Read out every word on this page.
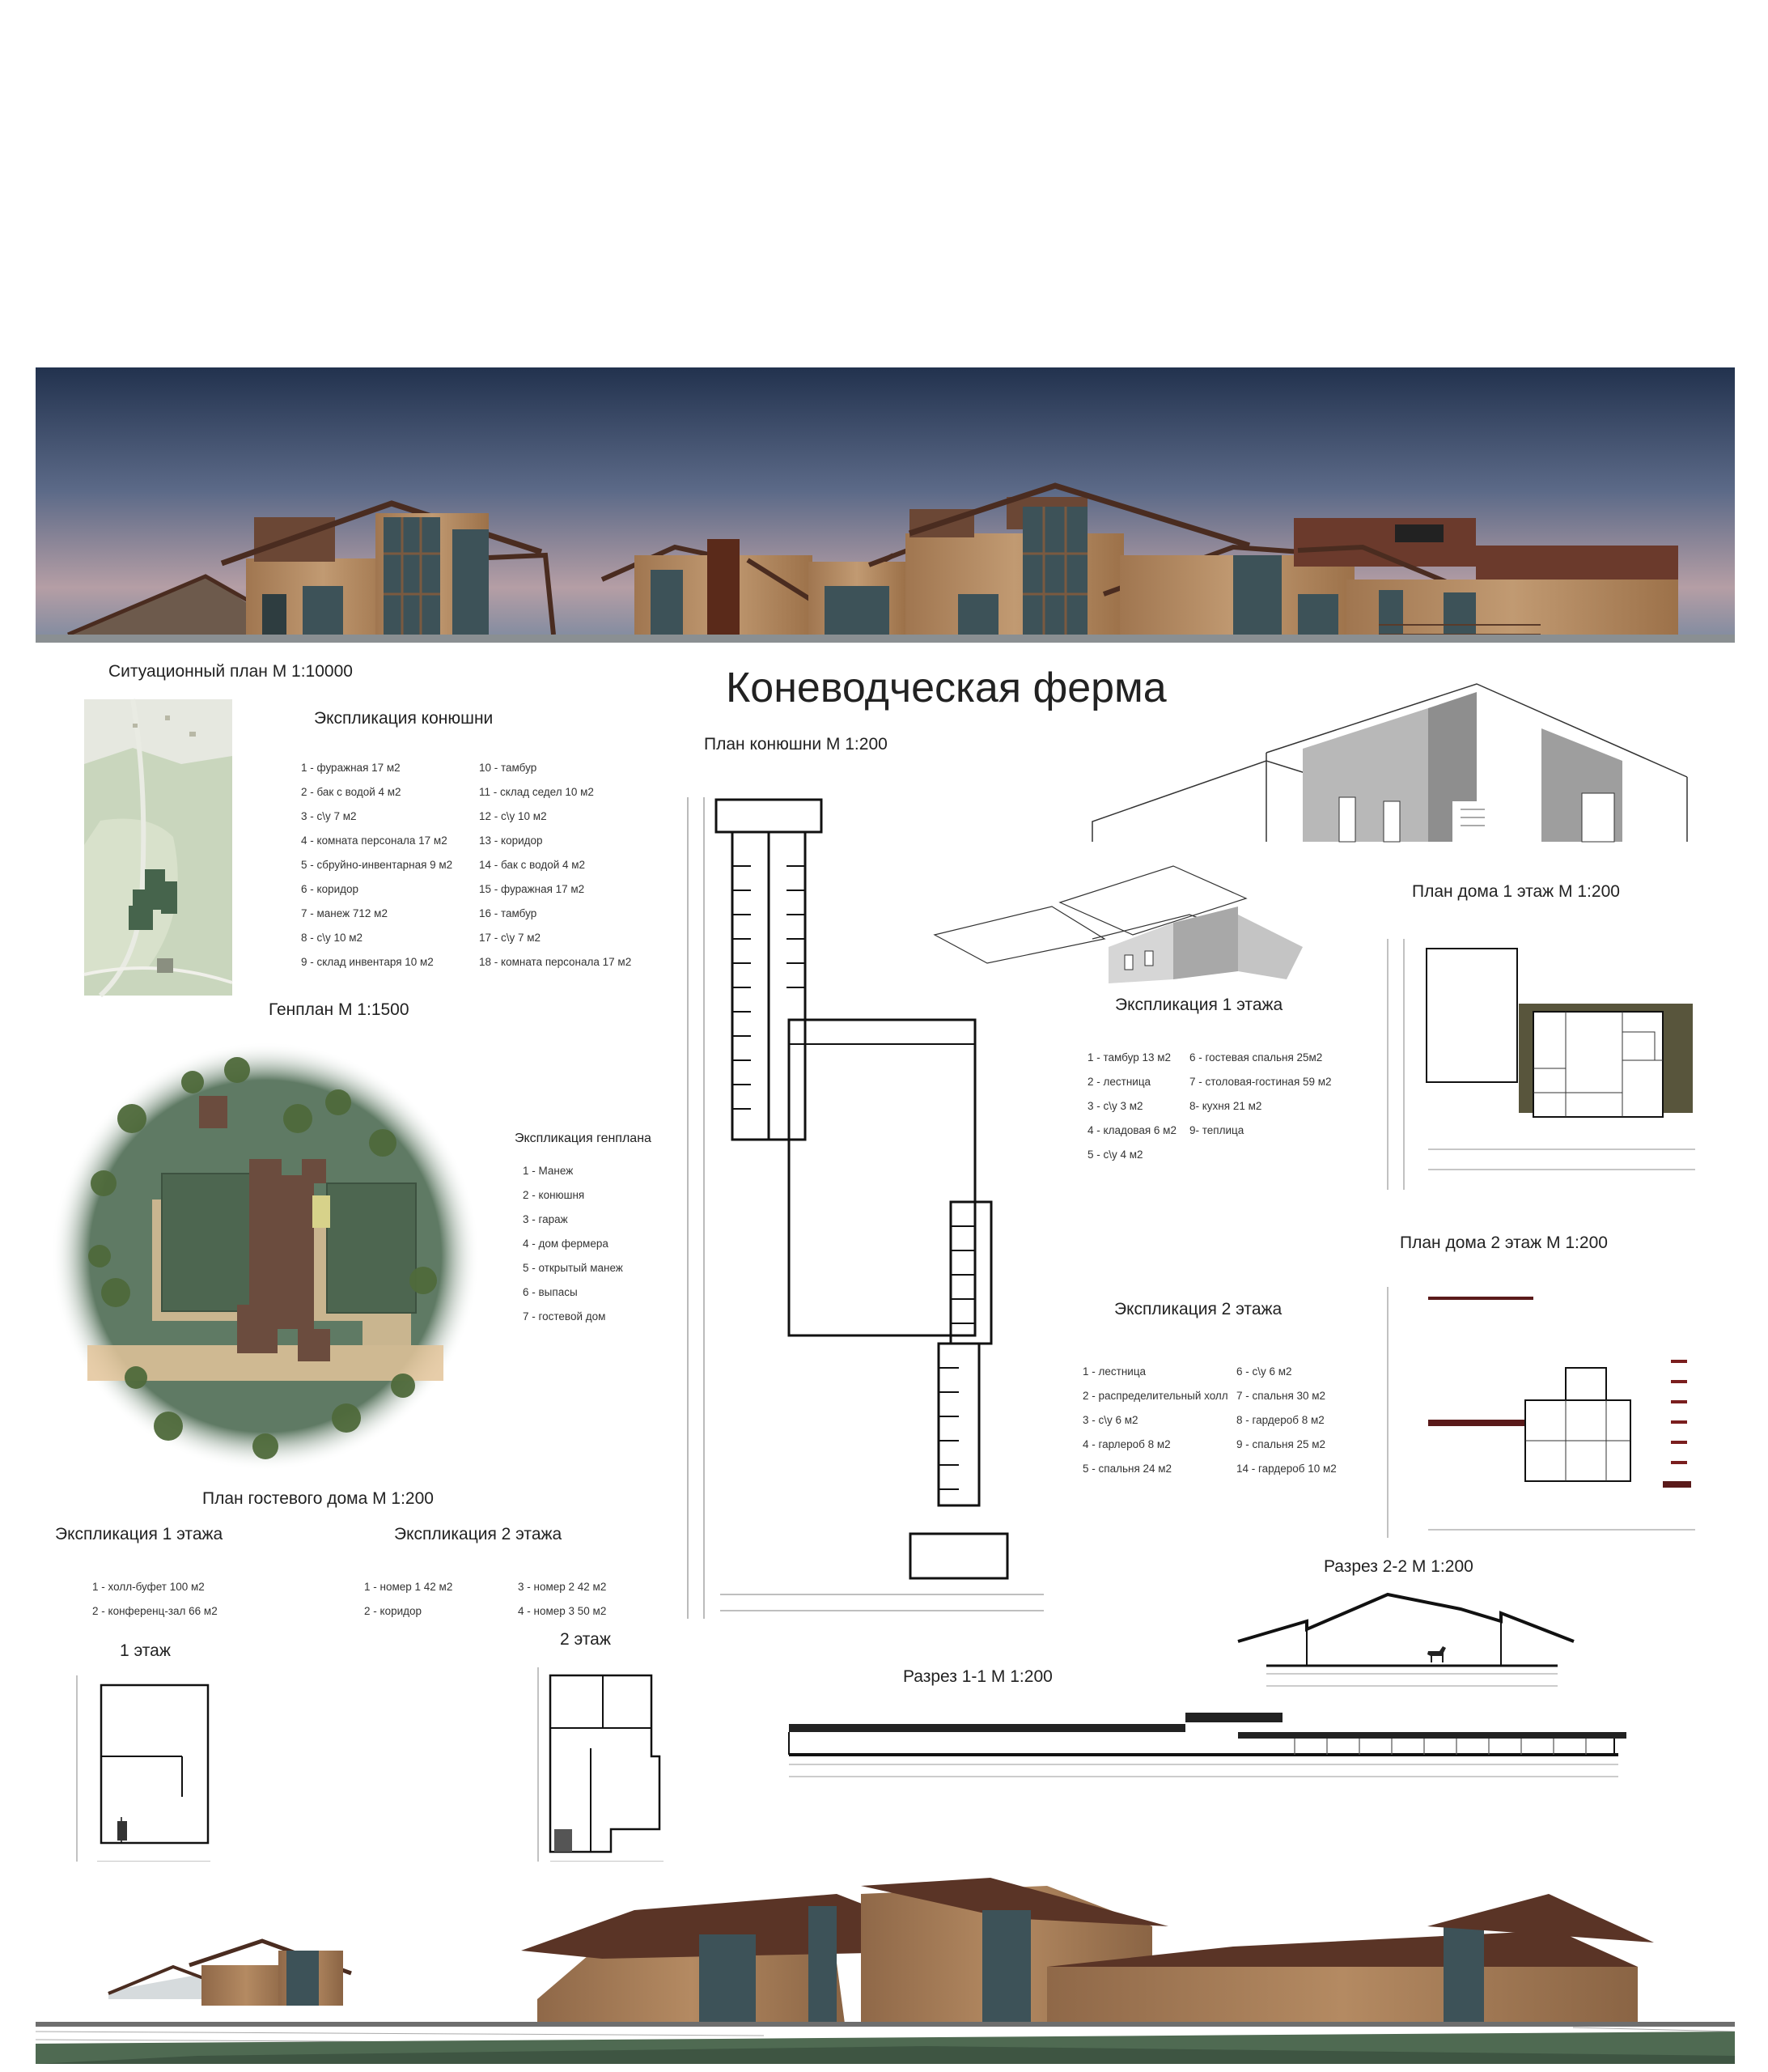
Коневодческая ферма
Ситуационный план М 1:10000
Экспликация конюшни
1 - фуражная 17 м2
2 - бак с водой 4 м2
3 - с\у 7 м2
4 - комната персонала 17 м2
5 - сбруйно-инвентарная 9 м2
6 - коридор
7 - манеж 712 м2
8 - с\у 10 м2
9 - склад инвентаря 10 м2
10 - тамбур
11 - склад седел 10 м2
12 - с\у 10 м2
13 - коридор
14 - бак с водой 4 м2
15 - фуражная 17 м2
16 - тамбур
17 - с\у 7 м2
18 - комната персонала 17 м2
Генплан М 1:1500
Экспликация генплана
1 - Манеж
2 - конюшня
3 - гараж
4 - дом фермера
5 - открытый манеж
6 - выпасы
7 - гостевой дом
План конюшни М 1:200
План дома 1 этаж М 1:200
Экспликация 1 этажа
1 - тамбур 13 м2
2 - лестница
3 - с\у 3 м2
4 - кладовая 6 м2
5 - с\у 4 м2
6 - гостевая спальня 25м2
7 - столовая-гостиная 59 м2
8- кухня 21 м2
9- теплица
План дома 2 этаж М 1:200
Экспликация 2 этажа
1 - лестница
2 - распределительный холл
3 - с\у 6 м2
4 - гарлероб 8 м2
5 - спальня 24 м2
6 - с\у 6 м2
7 - спальня 30 м2
8 - гардероб 8 м2
9 - спальня 25 м2
14 - гардероб 10 м2
План гостевого дома М 1:200
Экспликация 1 этажа	Экспликация 2 этажа
1 - холл-буфет 100 м2
2 - конференц-зал 66 м2
1 - номер 1 42 м2
2 - коридор
3 - номер 2 42 м2
4 - номер 3 50 м2
1 этаж
2 этаж
Разрез 2-2 М 1:200
Разрез 1-1 М 1:200
